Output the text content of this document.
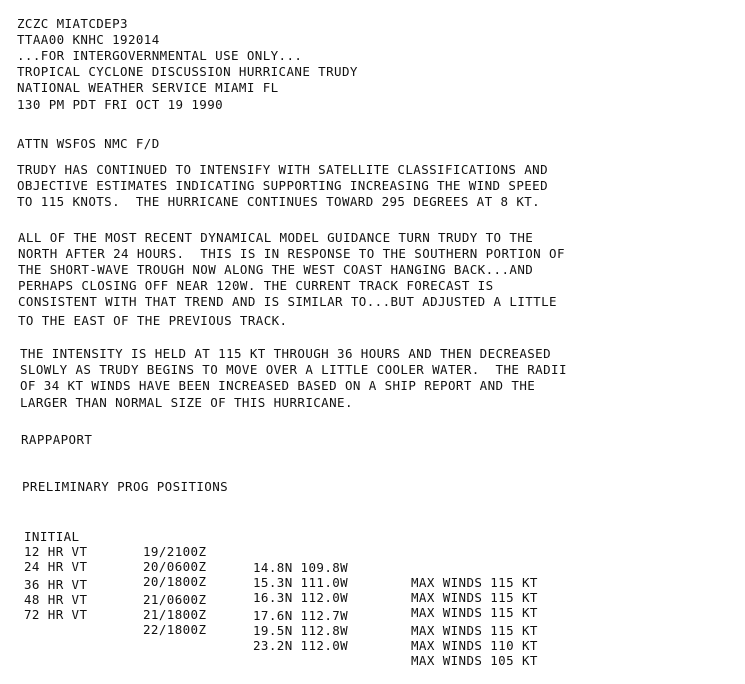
ZCZC MIATCDEP3
TTAA00 KNHC 192014
...FOR INTERGOVERNMENTAL USE ONLY...
TROPICAL CYCLONE DISCUSSION HURRICANE TRUDY
NATIONAL WEATHER SERVICE MIAMI FL
130 PM PDT FRI OCT 19 1990
ATTN WSFOS NMC F/D
TRUDY HAS CONTINUED TO INTENSIFY WITH SATELLITE CLASSIFICATIONS AND
OBJECTIVE ESTIMATES INDICATING SUPPORTING INCREASING THE WIND SPEED
TO 115 KNOTS.  THE HURRICANE CONTINUES TOWARD 295 DEGREES AT 8 KT.
ALL OF THE MOST RECENT DYNAMICAL MODEL GUIDANCE TURN TRUDY TO THE
NORTH AFTER 24 HOURS.  THIS IS IN RESPONSE TO THE SOUTHERN PORTION OF
THE SHORT-WAVE TROUGH NOW ALONG THE WEST COAST HANGING BACK...AND
PERHAPS CLOSING OFF NEAR 120W. THE CURRENT TRACK FORECAST IS
CONSISTENT WITH THAT TREND AND IS SIMILAR TO...BUT ADJUSTED A LITTLE
TO THE EAST OF THE PREVIOUS TRACK.
THE INTENSITY IS HELD AT 115 KT THROUGH 36 HOURS AND THEN DECREASED
SLOWLY AS TRUDY BEGINS TO MOVE OVER A LITTLE COOLER WATER.  THE RADII
OF 34 KT WINDS HAVE BEEN INCREASED BASED ON A SHIP REPORT AND THE
LARGER THAN NORMAL SIZE OF THIS HURRICANE.
RAPPAPORT
PRELIMINARY PROG POSITIONS

INITIAL

19/2100Z

14.8N 109.8W

MAX WINDS 115 KT

12 HR VT

20/0600Z

15.3N 111.0W

MAX WINDS 115 KT

24 HR VT

20/1800Z

16.3N 112.0W

MAX WINDS 115 KT

36 HR VT

21/0600Z

17.6N 112.7W

MAX WINDS 115 KT

48 HR VT

21/1800Z

19.5N 112.8W

MAX WINDS 110 KT

72 HR VT

22/1800Z

23.2N 112.0W

MAX WINDS 105 KT
